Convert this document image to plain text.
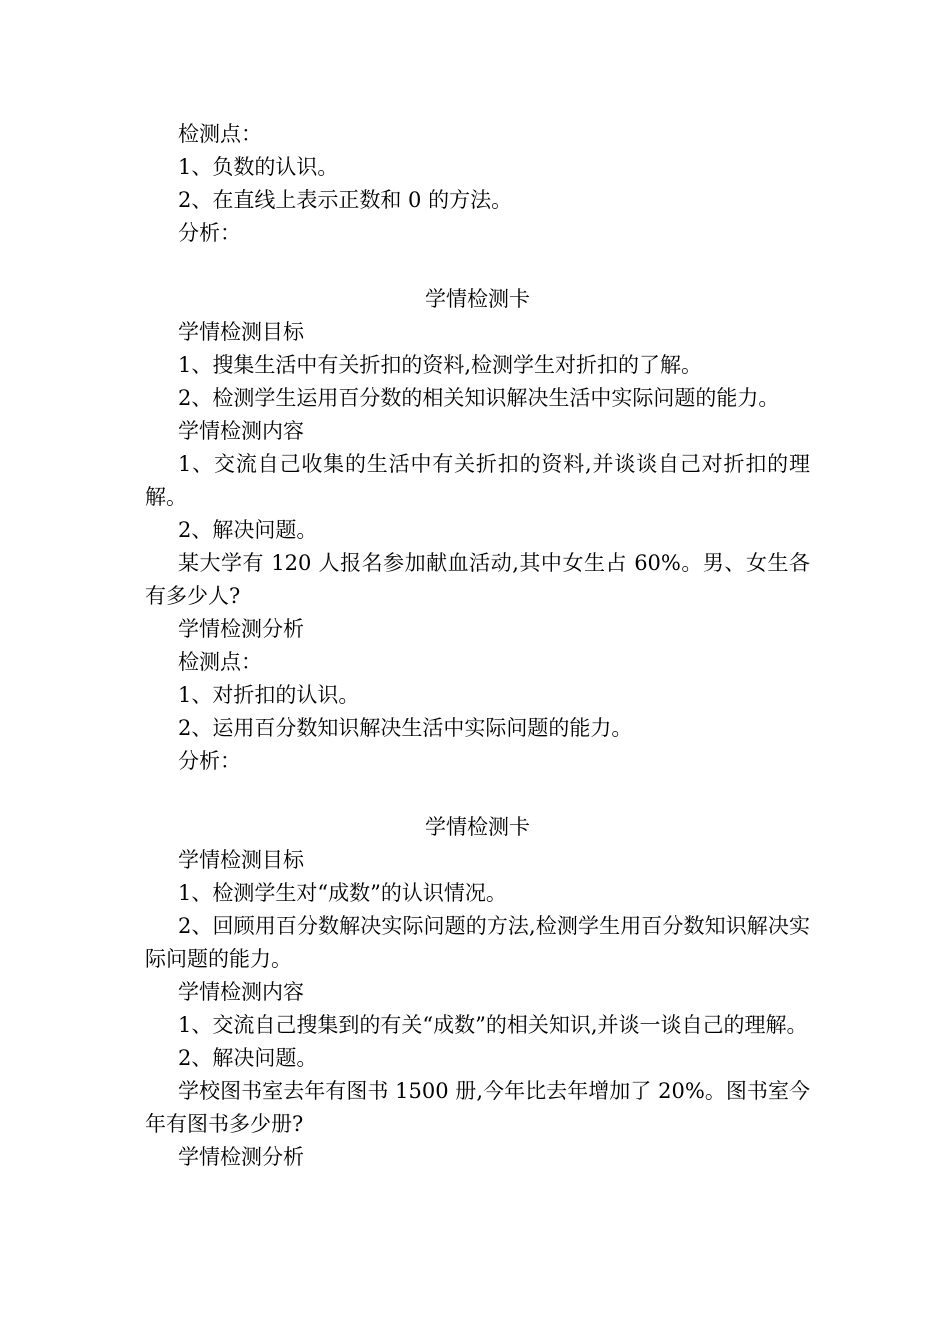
检测点：

1、负数的认识。

2、在直线上表示正数和 0 的方法。

分析：

学情检测卡

学情检测目标

1、搜集生活中有关折扣的资料,检测学生对折扣的了解。

2、检测学生运用百分数的相关知识解决生活中实际问题的能力。

学情检测内容

1、交流自己收集的生活中有关折扣的资料,并谈谈自己对折扣的理解。

2、解决问题。

某大学有 120 人报名参加献血活动,其中女生占 60%。男、女生各有多少人?

学情检测分析

检测点：

1、对折扣的认识。

2、运用百分数知识解决生活中实际问题的能力。

分析：

学情检测卡

学情检测目标

1、检测学生对“成数”的认识情况。

2、回顾用百分数解决实际问题的方法,检测学生用百分数知识解决实际问题的能力。

学情检测内容

1、交流自己搜集到的有关“成数”的相关知识,并谈一谈自己的理解。

2、解决问题。

学校图书室去年有图书 1500 册,今年比去年增加了 20%。图书室今年有图书多少册?

学情检测分析
